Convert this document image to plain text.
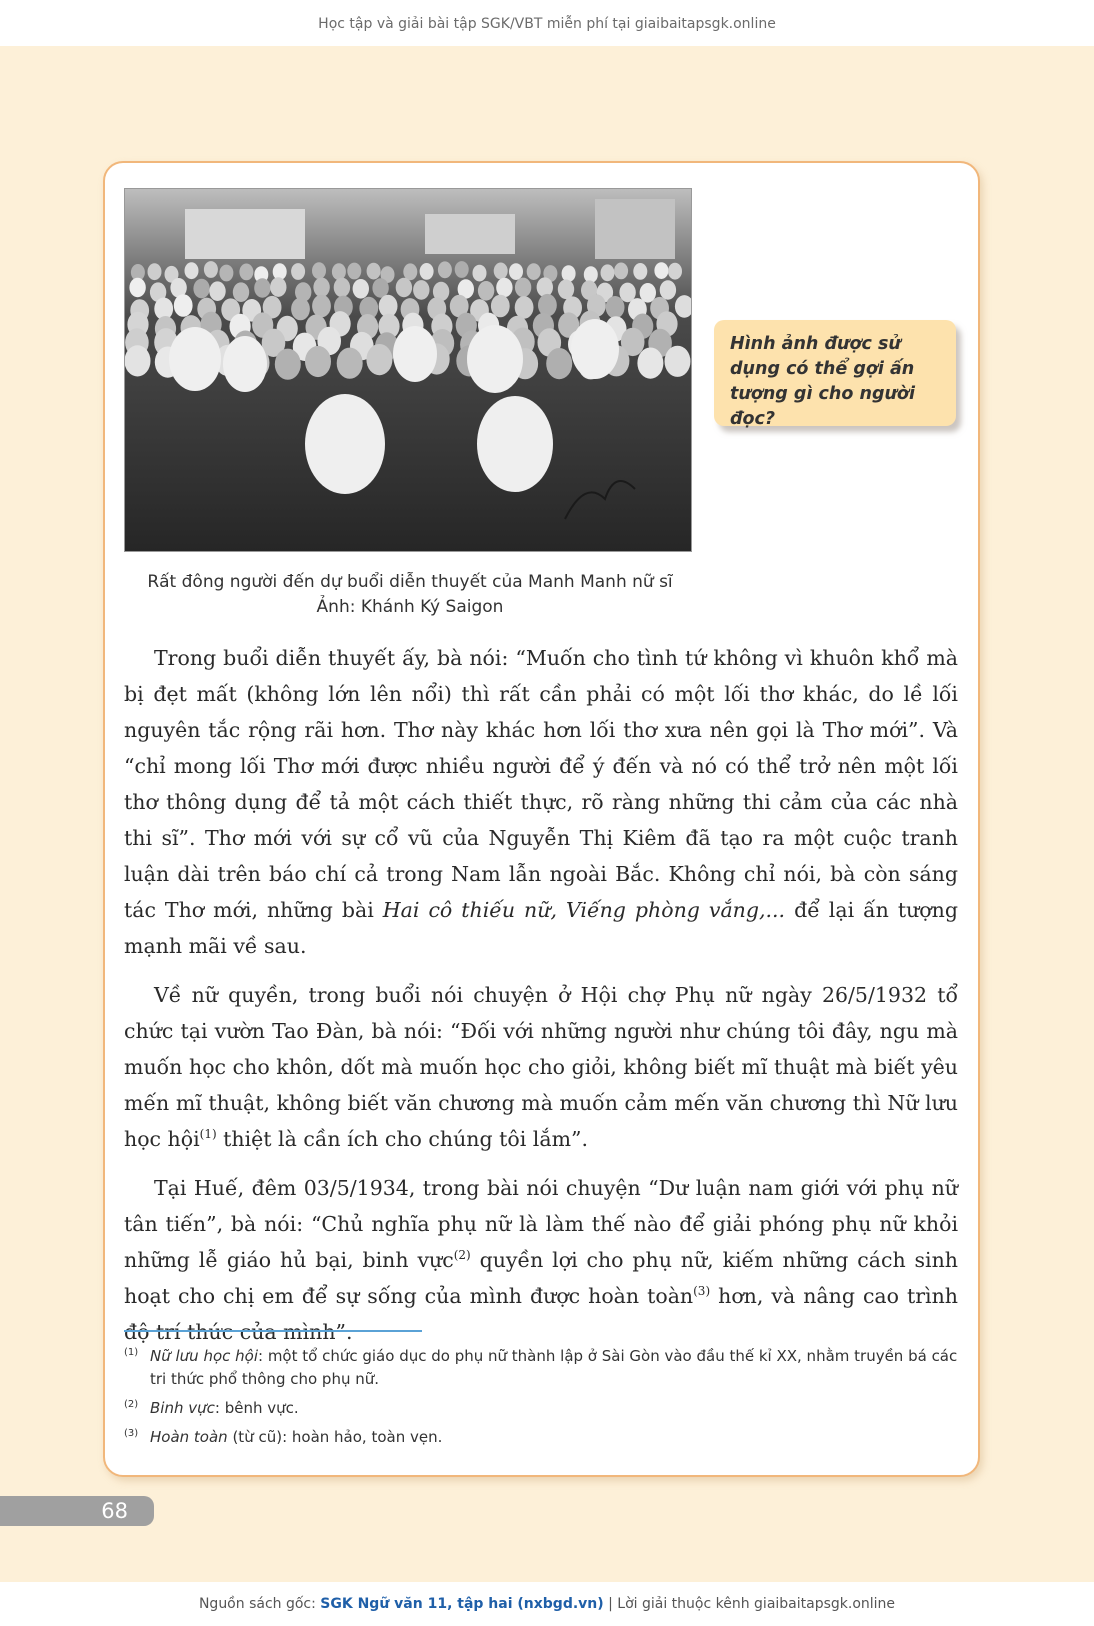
Học tập và giải bài tập SGK/VBT miễn phí tại giaibaitapsgk.online
Rất đông người đến dự buổi diễn thuyết của Manh Manh nữ sĩ
Ảnh: Khánh Ký Saigon
Hình ảnh được sử dụng có thể gợi ấn tượng gì cho người đọc?

Trong buổi diễn thuyết ấy, bà nói: “Muốn cho tình tứ không vì khuôn khổ mà bị đẹt mất (không lớn lên nổi) thì rất cần phải có một lối thơ khác, do lề lối nguyên tắc rộng rãi hơn. Thơ này khác hơn lối thơ xưa nên gọi là Thơ mới”. Và “chỉ mong lối Thơ mới được nhiều người để ý đến và nó có thể trở nên một lối thơ thông dụng để tả một cách thiết thực, rõ ràng những thi cảm của các nhà thi sĩ”. Thơ mới với sự cổ vũ của Nguyễn Thị Kiêm đã tạo ra một cuộc tranh luận dài trên báo chí cả trong Nam lẫn ngoài Bắc. Không chỉ nói, bà còn sáng tác Thơ mới, những bài Hai cô thiếu nữ, Viếng phòng vắng,... để lại ấn tượng mạnh mãi về sau.

Về nữ quyền, trong buổi nói chuyện ở Hội chợ Phụ nữ ngày 26/5/1932 tổ chức tại vườn Tao Đàn, bà nói: “Đối với những người như chúng tôi đây, ngu mà muốn học cho khôn, dốt mà muốn học cho giỏi, không biết mĩ thuật mà biết yêu mến mĩ thuật, không biết văn chương mà muốn cảm mến văn chương thì Nữ lưu học hội$^{(1)}$ thiệt là cần ích cho chúng tôi lắm”.

Tại Huế, đêm 03/5/1934, trong bài nói chuyện “Dư luận nam giới với phụ nữ tân tiến”, bà nói: “Chủ nghĩa phụ nữ là làm thế nào để giải phóng phụ nữ khỏi những lễ giáo hủ bại, binh vực$^{(2)}$ quyền lợi cho phụ nữ, kiếm những cách sinh hoạt cho chị em để sự sống của mình được hoàn toàn$^{(3)}$ hơn, và nâng cao trình độ trí thức của mình”.

(1) Nữ lưu học hội: một tổ chức giáo dục do phụ nữ thành lập ở Sài Gòn vào đầu thế kỉ XX, nhằm truyền bá các tri thức phổ thông cho phụ nữ.
(2) Binh vực: bênh vực.
(3) Hoàn toàn (từ cũ): hoàn hảo, toàn vẹn.
68
Nguồn sách gốc: SGK Ngữ văn 11, tập hai (nxbgd.vn) | Lời giải thuộc kênh giaibaitapsgk.online
